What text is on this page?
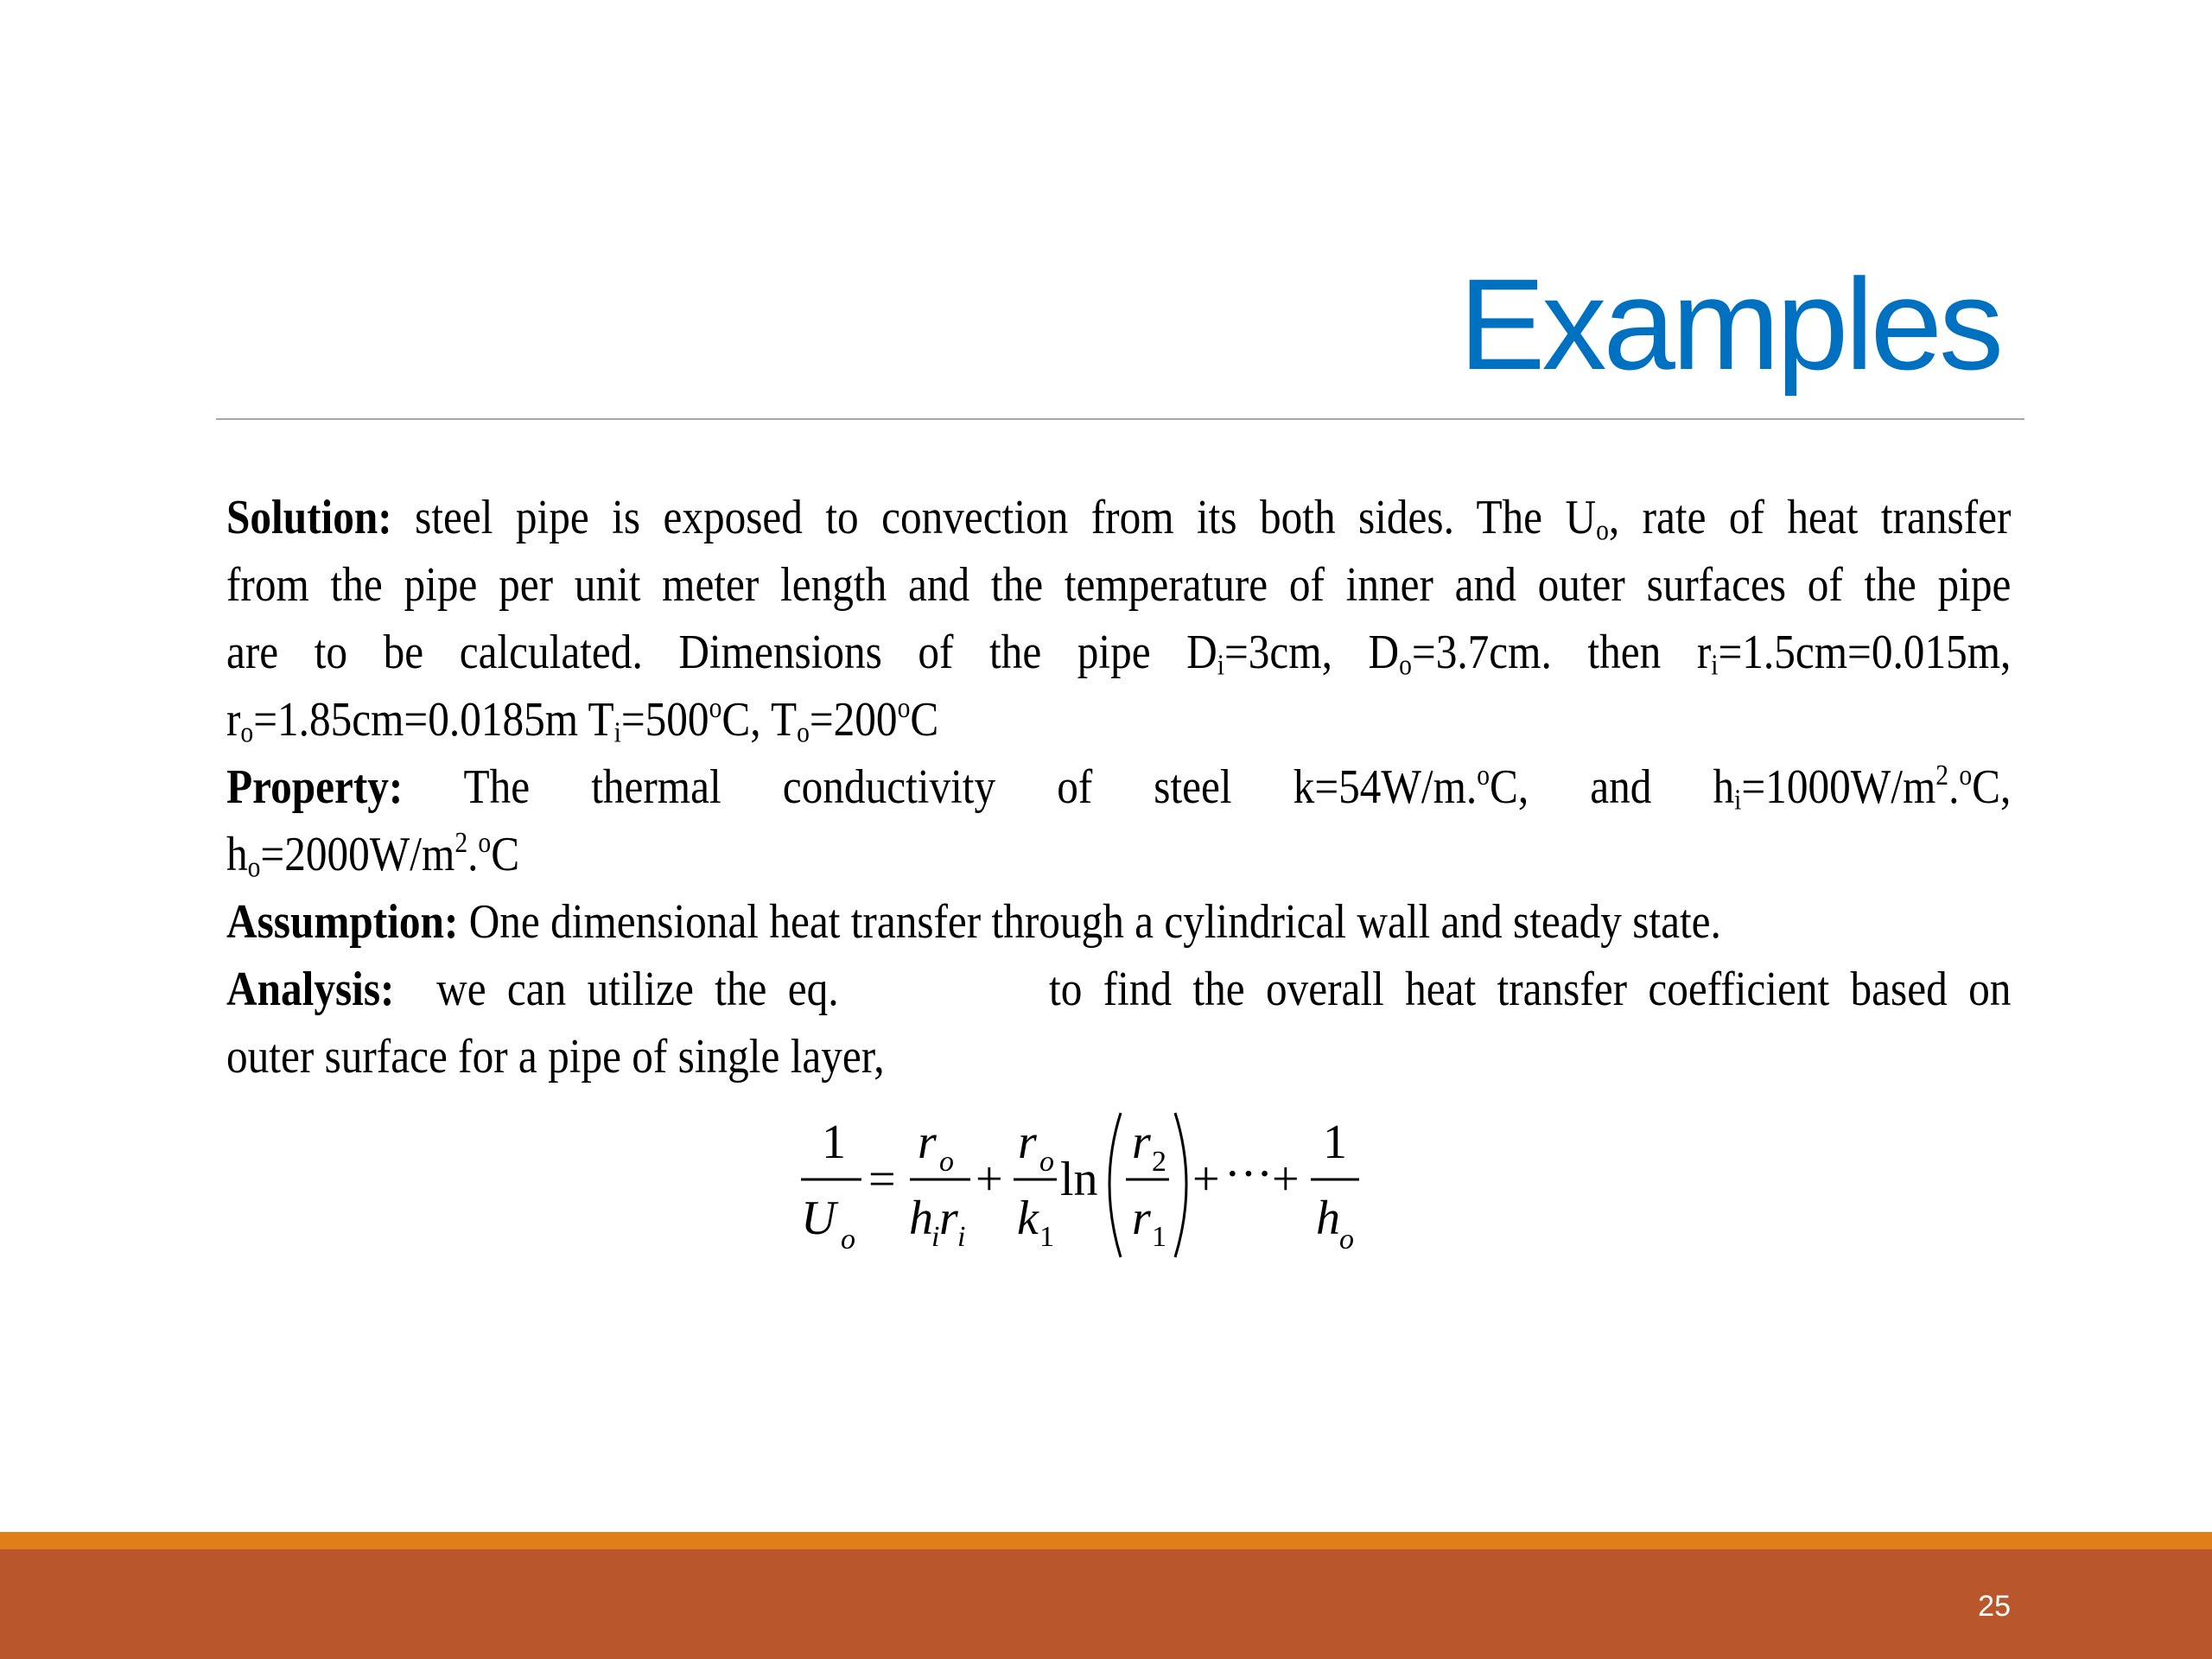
Examples

Solution: steel pipe is exposed to convection from its both sides. The $U_o$, rate of heat transfer

from the pipe per unit meter length and the temperature of inner and outer surfaces of the pipe

are to be calculated. Dimensions of the pipe $D_i=3cm$, $D_o=3.7cm$. then $r_i=1.5cm=0.015m$,

$r_o=1.85cm=0.0185m$ $T_i=500^oC$, $T_o=200^oC$

Property: The thermal conductivity of steel k=54W/m.$^o$C, and $h_i=1000W/m^2.^oC$,

$h_o=2000W/m^2.^oC$

Assumption: One dimensional heat transfer through a cylindrical wall and steady state.

Analysis:  we can utilize the eq.          to find the overall heat transfer coefficient based on

outer surface for a pipe of single layer,

1
U o
=
r o
h
i r i
+
r o
k 1
ln
r 2
r 1
+ ··· +
1
h o
25
